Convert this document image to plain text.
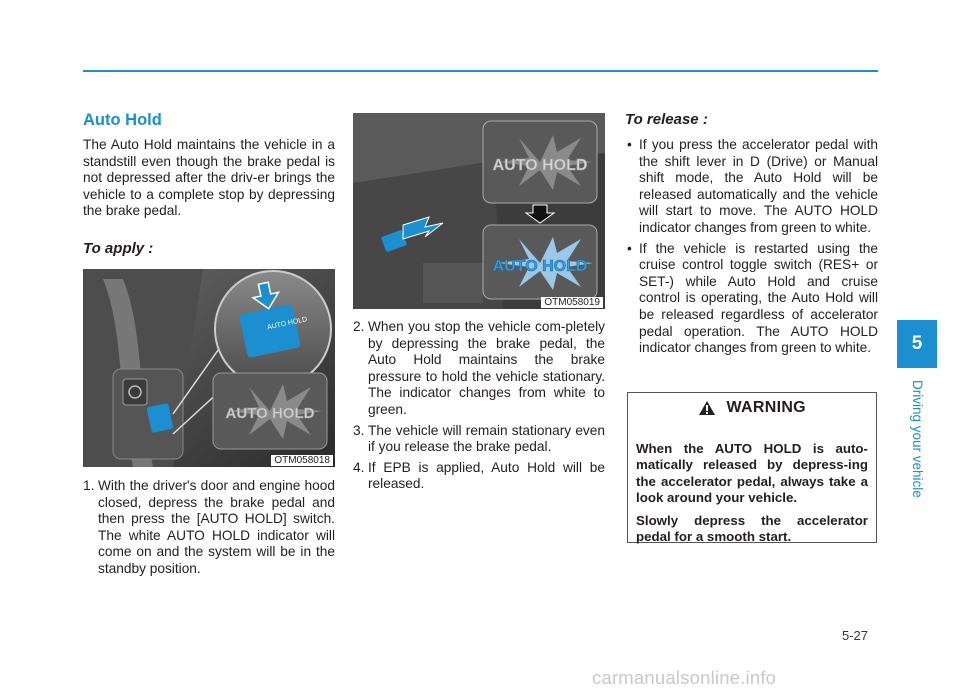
Auto Hold

The Auto Hold maintains the vehicle in a standstill even though the brake pedal is not depressed after the driv-er brings the vehicle to a complete stop by depressing the brake pedal.

To apply :
AUTO HOLD
AUTO HOLD
OTM058018
1. With the driver's door and engine hood closed, depress the brake pedal and then press the [AUTO HOLD] switch. The white AUTO HOLD indicator will come on and the system will be in the standby position.
AUTO HOLD
AUTO HOLD
OTM058019
2. When you stop the vehicle com-pletely by depressing the brake pedal, the Auto Hold maintains the brake pressure to hold the vehicle stationary. The indicator changes from white to green.
3. The vehicle will remain stationary even if you release the brake pedal.
4. If EPB is applied, Auto Hold will be released.
To release :
• If you press the accelerator pedal with the shift lever in D (Drive) or Manual shift mode, the Auto Hold will be released automatically and the vehicle will start to move. The AUTO HOLD indicator changes from green to white.
• If the vehicle is restarted using the cruise control toggle switch (RES+ or SET-) while Auto Hold and cruise control is operating, the Auto Hold will be released regardless of accelerator pedal operation. The AUTO HOLD indicator changes from green to white.
WARNING

When the AUTO HOLD is auto-matically released by depress-ing the accelerator pedal, always take a look around your vehicle.

Slowly depress the accelerator pedal for a smooth start.

5
Driving your vehicle
5-27
carmanualsonline.info
